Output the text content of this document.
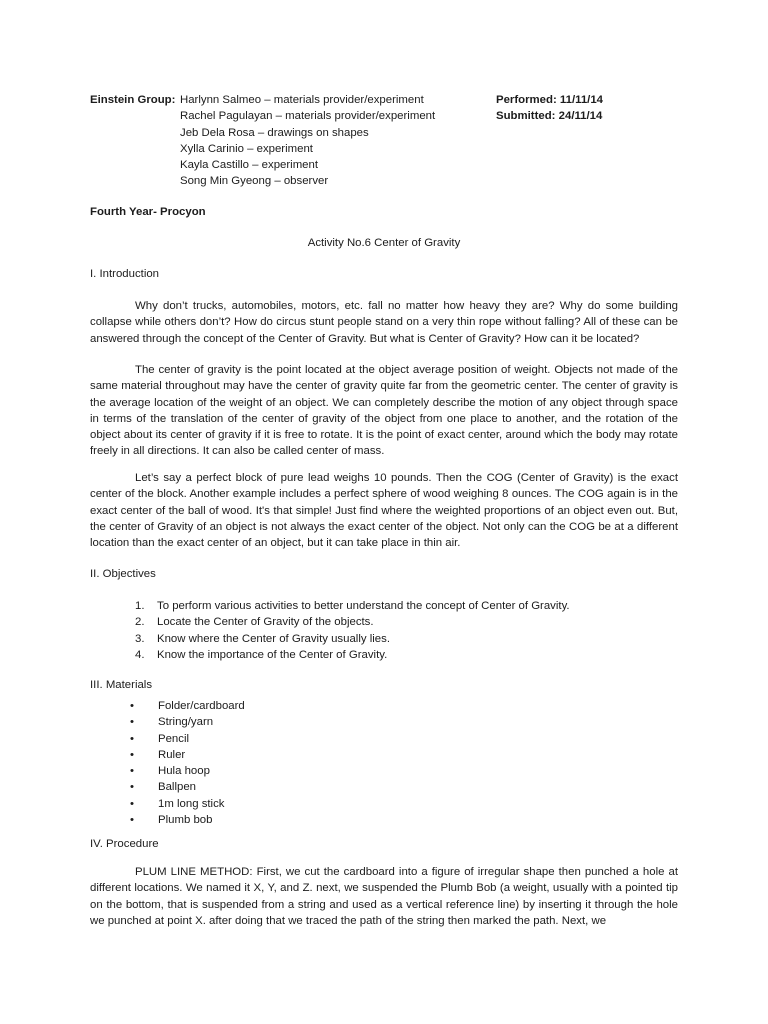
Einstein Group: Harlynn Salmeo – materials provider/experiment
Rachel Pagulayan – materials provider/experiment
Jeb Dela Rosa – drawings on shapes
Xylla Carinio – experiment
Kayla Castillo – experiment
Song Min Gyeong – observer
Performed: 11/11/14
Submitted: 24/11/14
Fourth Year- Procyon
Activity No.6 Center of Gravity
I. Introduction
Why don’t trucks, automobiles, motors, etc. fall no matter how heavy they are? Why do some building collapse while others don’t? How do circus stunt people stand on a very thin rope without falling? All of these can be answered through the concept of the Center of Gravity. But what is Center of Gravity? How can it be located?
The center of gravity is the point located at the object average position of weight. Objects not made of the same material throughout may have the center of gravity quite far from the geometric center. The center of gravity is the average location of the weight of an object. We can completely describe the motion of any object through space in terms of the translation of the center of gravity of the object from one place to another, and the rotation of the object about its center of gravity if it is free to rotate. It is the point of exact center, around which the body may rotate freely in all directions. It can also be called center of mass.
Let’s say a perfect block of pure lead weighs 10 pounds. Then the COG (Center of Gravity) is the exact center of the block. Another example includes a perfect sphere of wood weighing 8 ounces. The COG again is in the exact center of the ball of wood. It's that simple! Just find where the weighted proportions of an object even out. But, the center of Gravity of an object is not always the exact center of the object. Not only can the COG be at a different location than the exact center of an object, but it can take place in thin air.
II. Objectives
1.	To perform various activities to better understand the concept of Center of Gravity.
2.	Locate the Center of Gravity of the objects.
3.	Know where the Center of Gravity usually lies.
4.	Know the importance of the Center of Gravity.
III. Materials
•	Folder/cardboard
•	String/yarn
•	Pencil
•	Ruler
•	Hula hoop
•	Ballpen
•	1m long stick
•	Plumb bob
IV. Procedure
PLUM LINE METHOD: First, we cut the cardboard into a figure of irregular shape then punched a hole at different locations. We named it X, Y, and Z. next, we suspended the Plumb Bob (a weight, usually with a pointed tip on the bottom, that is suspended from a string and used as a vertical reference line) by inserting it through the hole we punched at point X. after doing that we traced the path of the string then marked the path. Next, we
